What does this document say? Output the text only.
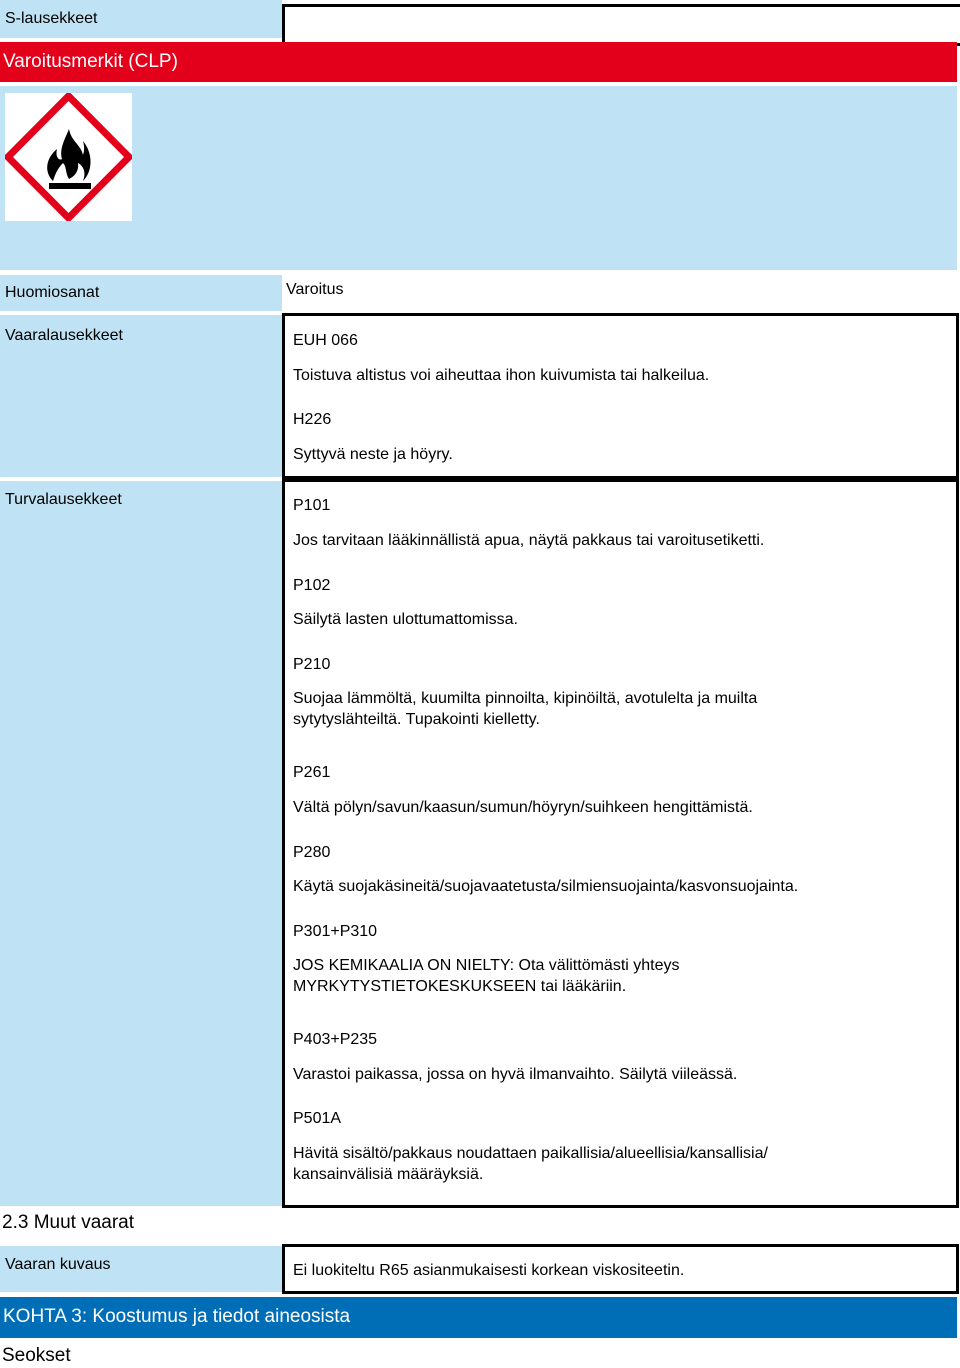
S-lausekkeet
Varoitusmerkit (CLP)
Huomiosanat	Varoitus
Vaaralausekkeet	EUH 066
Toistuva altistus voi aiheuttaa ihon kuivumista tai halkeilua.
H226
Syttyvä neste ja höyry.
Turvalausekkeet	P101
Jos tarvitaan lääkinnällistä apua, näytä pakkaus tai varoitusetiketti.
P102
Säilytä lasten ulottumattomissa.
P210
Suojaa lämmöltä, kuumilta pinnoilta, kipinöiltä, avotulelta ja muilta
sytytyslähteiltä. Tupakointi kielletty.
P261
Vältä pölyn/savun/kaasun/sumun/höyryn/suihkeen hengittämistä.
P280
Käytä suojakäsineitä/suojavaatetusta/silmiensuojainta/kasvonsuojainta.
P301+P310
JOS KEMIKAALIA ON NIELTY: Ota välittömästi yhteys
MYRKYTYSTIETOKESKUKSEEN tai lääkäriin.
P403+P235
Varastoi paikassa, jossa on hyvä ilmanvaihto. Säilytä viileässä.
P501A
Hävitä sisältö/pakkaus noudattaen paikallisia/alueellisia/kansallisia/
kansainvälisiä määräyksiä.
2.3 Muut vaarat
Vaaran kuvaus	Ei luokiteltu R65 asianmukaisesti korkean viskositeetin.
KOHTA 3: Koostumus ja tiedot aineosista
Seokset
